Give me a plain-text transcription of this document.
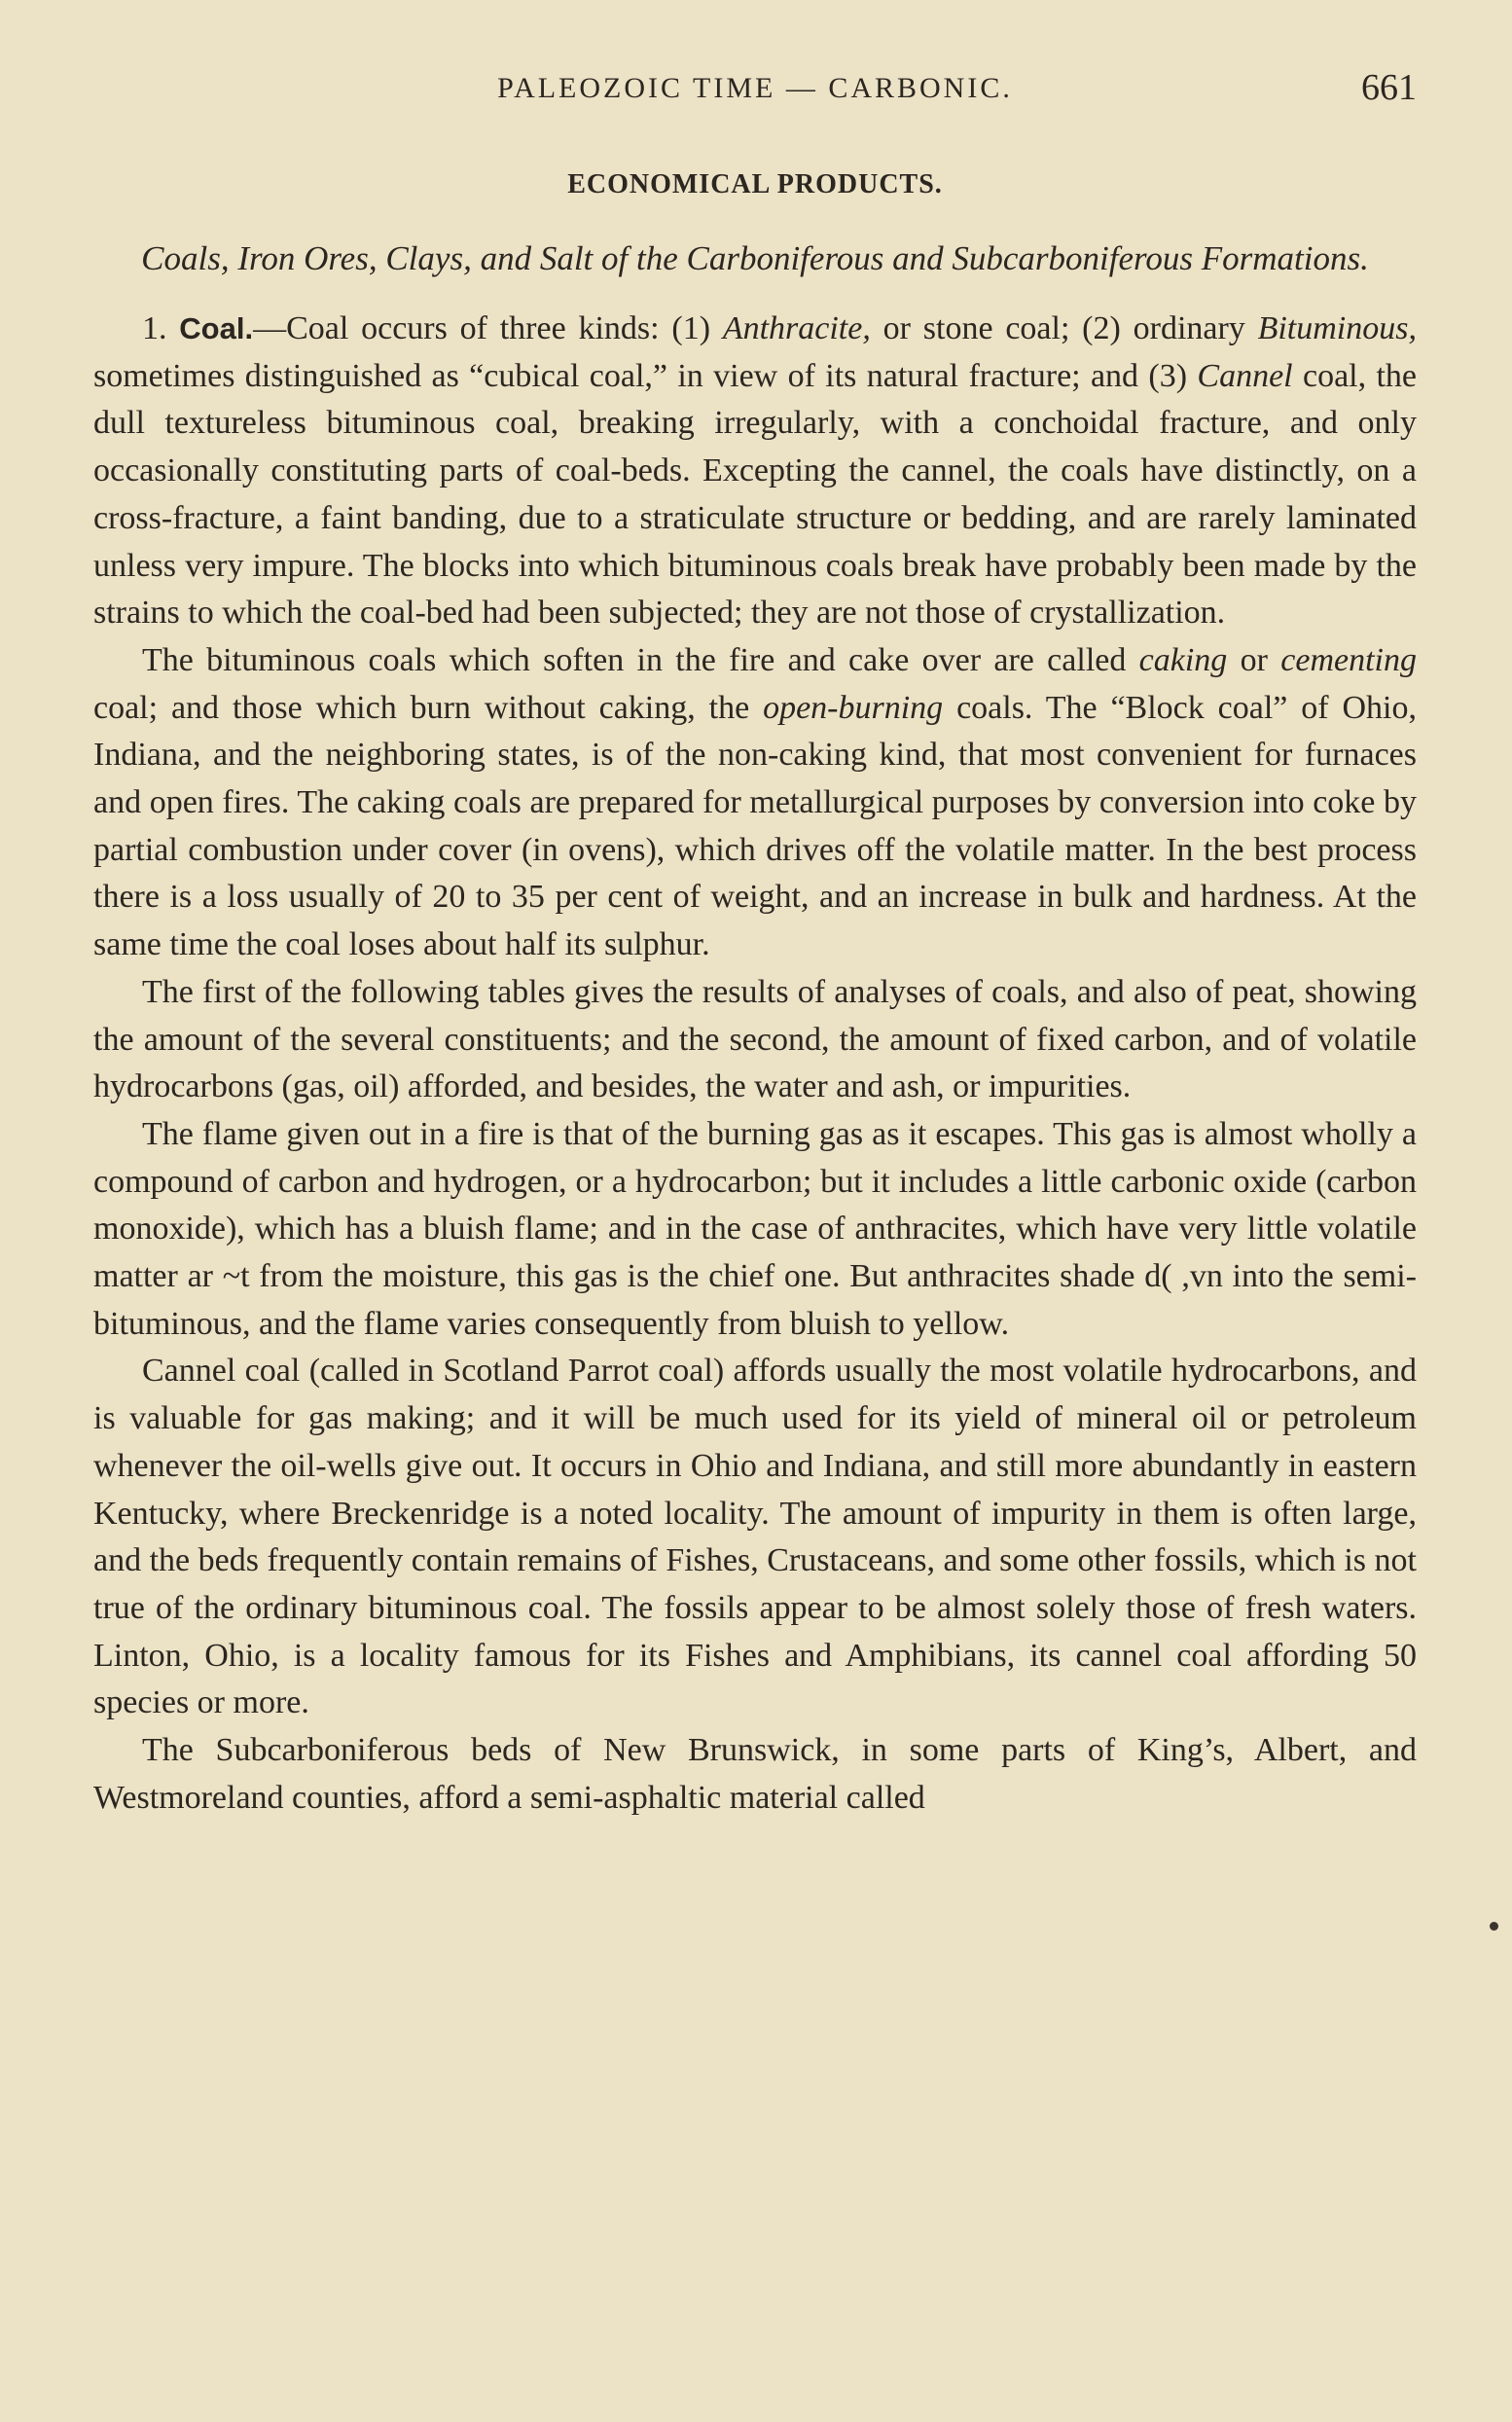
PALEOZOIC TIME — CARBONIC.	661
ECONOMICAL PRODUCTS.
Coals, Iron Ores, Clays, and Salt of the Carboniferous and Subcarboniferous Formations.

1. Coal.—Coal occurs of three kinds: (1) Anthracite, or stone coal; (2) ordinary Bituminous, sometimes distinguished as “cubical coal,” in view of its natural fracture; and (3) Cannel coal, the dull textureless bituminous coal, breaking irregularly, with a conchoidal fracture, and only occasionally constituting parts of coal-beds. Excepting the cannel, the coals have distinctly, on a cross-fracture, a faint banding, due to a straticulate structure or bedding, and are rarely laminated unless very impure. The blocks into which bituminous coals break have probably been made by the strains to which the coal-bed had been subjected; they are not those of crystallization.

The bituminous coals which soften in the fire and cake over are called caking or cementing coal; and those which burn without caking, the open-burning coals. The “Block coal” of Ohio, Indiana, and the neighboring states, is of the non-caking kind, that most convenient for furnaces and open fires. The caking coals are prepared for metallurgical purposes by conversion into coke by partial combustion under cover (in ovens), which drives off the volatile matter. In the best process there is a loss usually of 20 to 35 per cent of weight, and an increase in bulk and hardness. At the same time the coal loses about half its sulphur.

The first of the following tables gives the results of analyses of coals, and also of peat, showing the amount of the several constituents; and the second, the amount of fixed carbon, and of volatile hydrocarbons (gas, oil) afforded, and besides, the water and ash, or impurities.

The flame given out in a fire is that of the burning gas as it escapes. This gas is almost wholly a compound of carbon and hydrogen, or a hydrocarbon; but it includes a little carbonic oxide (carbon monoxide), which has a bluish flame; and in the case of anthracites, which have very little volatile matter ar ~t from the moisture, this gas is the chief one. But anthracites shade d( ,vn into the semi-bituminous, and the flame varies consequently from bluish to yellow.

Cannel coal (called in Scotland Parrot coal) affords usually the most volatile hydrocarbons, and is valuable for gas making; and it will be much used for its yield of mineral oil or petroleum whenever the oil-wells give out. It occurs in Ohio and Indiana, and still more abundantly in eastern Kentucky, where Breckenridge is a noted locality. The amount of impurity in them is often large, and the beds frequently contain remains of Fishes, Crustaceans, and some other fossils, which is not true of the ordinary bituminous coal. The fossils appear to be almost solely those of fresh waters. Linton, Ohio, is a locality famous for its Fishes and Amphibians, its cannel coal affording 50 species or more.

The Subcarboniferous beds of New Brunswick, in some parts of King’s, Albert, and Westmoreland counties, afford a semi-asphaltic material called
